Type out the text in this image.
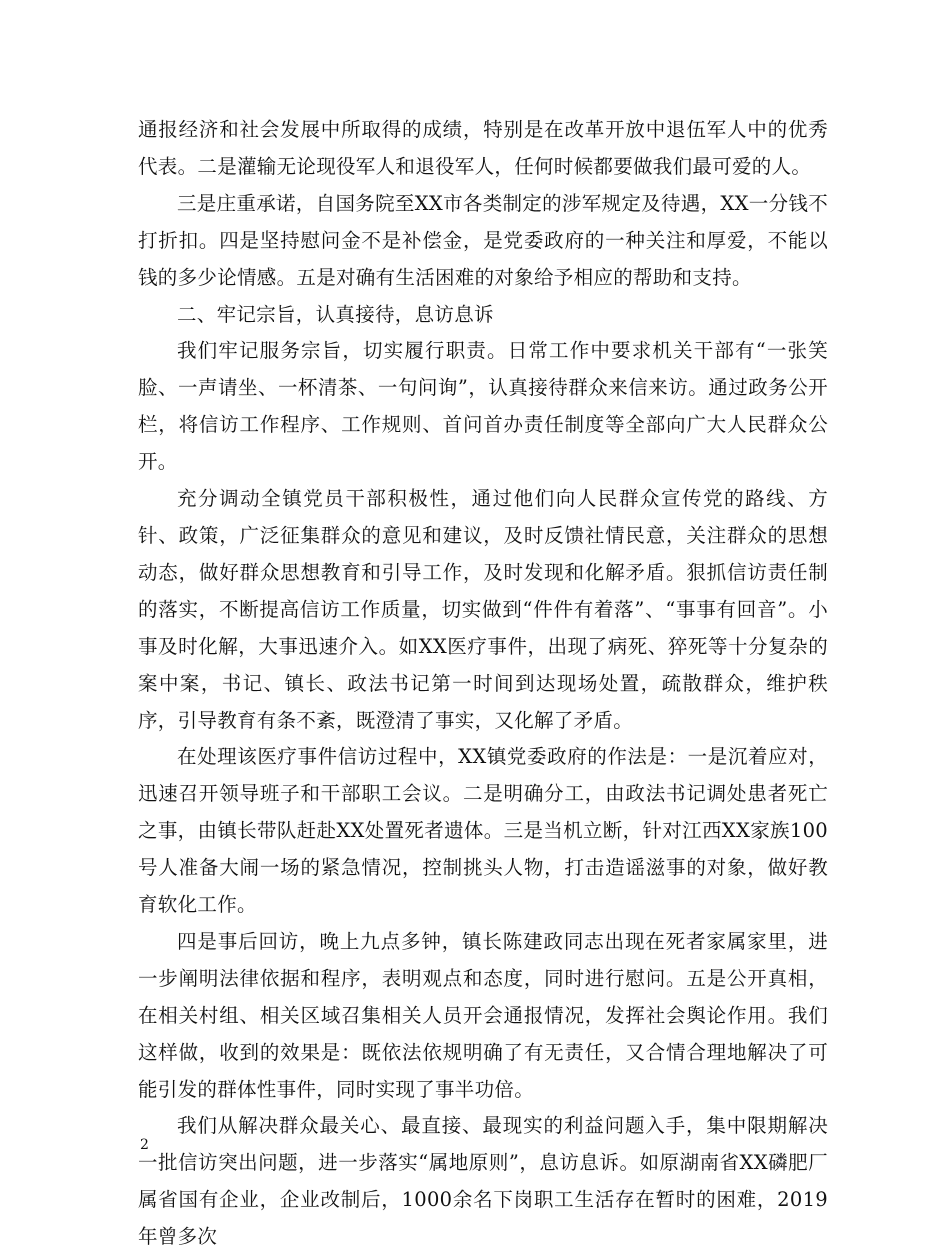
通报经济和社会发展中所取得的成绩，特别是在改革开放中退伍军人中的优秀代表。二是灌输无论现役军人和退役军人，任何时候都要做我们最可爱的人。

三是庄重承诺，自国务院至XX市各类制定的涉军规定及待遇，XX一分钱不打折扣。四是坚持慰问金不是补偿金，是党委政府的一种关注和厚爱，不能以钱的多少论情感。五是对确有生活困难的对象给予相应的帮助和支持。

二、牢记宗旨，认真接待，息访息诉

我们牢记服务宗旨，切实履行职责。日常工作中要求机关干部有“一张笑脸、一声请坐、一杯清茶、一句问询”，认真接待群众来信来访。通过政务公开栏，将信访工作程序、工作规则、首问首办责任制度等全部向广大人民群众公开。

充分调动全镇党员干部积极性，通过他们向人民群众宣传党的路线、方针、政策，广泛征集群众的意见和建议，及时反馈社情民意，关注群众的思想动态，做好群众思想教育和引导工作，及时发现和化解矛盾。狠抓信访责任制的落实，不断提高信访工作质量，切实做到“件件有着落”、“事事有回音”。小事及时化解，大事迅速介入。如XX医疗事件，出现了病死、猝死等十分复杂的案中案，书记、镇长、政法书记第一时间到达现场处置，疏散群众，维护秩序，引导教育有条不紊，既澄清了事实，又化解了矛盾。

在处理该医疗事件信访过程中，XX镇党委政府的作法是：一是沉着应对，迅速召开领导班子和干部职工会议。二是明确分工，由政法书记调处患者死亡之事，由镇长带队赶赴XX处置死者遗体。三是当机立断，针对江西XX家族100号人准备大闹一场的紧急情况，控制挑头人物，打击造谣滋事的对象，做好教育软化工作。

四是事后回访，晚上九点多钟，镇长陈建政同志出现在死者家属家里，进一步阐明法律依据和程序，表明观点和态度，同时进行慰问。五是公开真相，在相关村组、相关区域召集相关人员开会通报情况，发挥社会舆论作用。我们这样做，收到的效果是：既依法依规明确了有无责任，又合情合理地解决了可能引发的群体性事件，同时实现了事半功倍。

我们从解决群众最关心、最直接、最现实的利益问题入手，集中限期解决一批信访突出问题，进一步落实“属地原则”，息访息诉。如原湖南省XX磷肥厂属省国有企业，企业改制后，1000余名下岗职工生活存在暂时的困难，2019年曾多次

2
